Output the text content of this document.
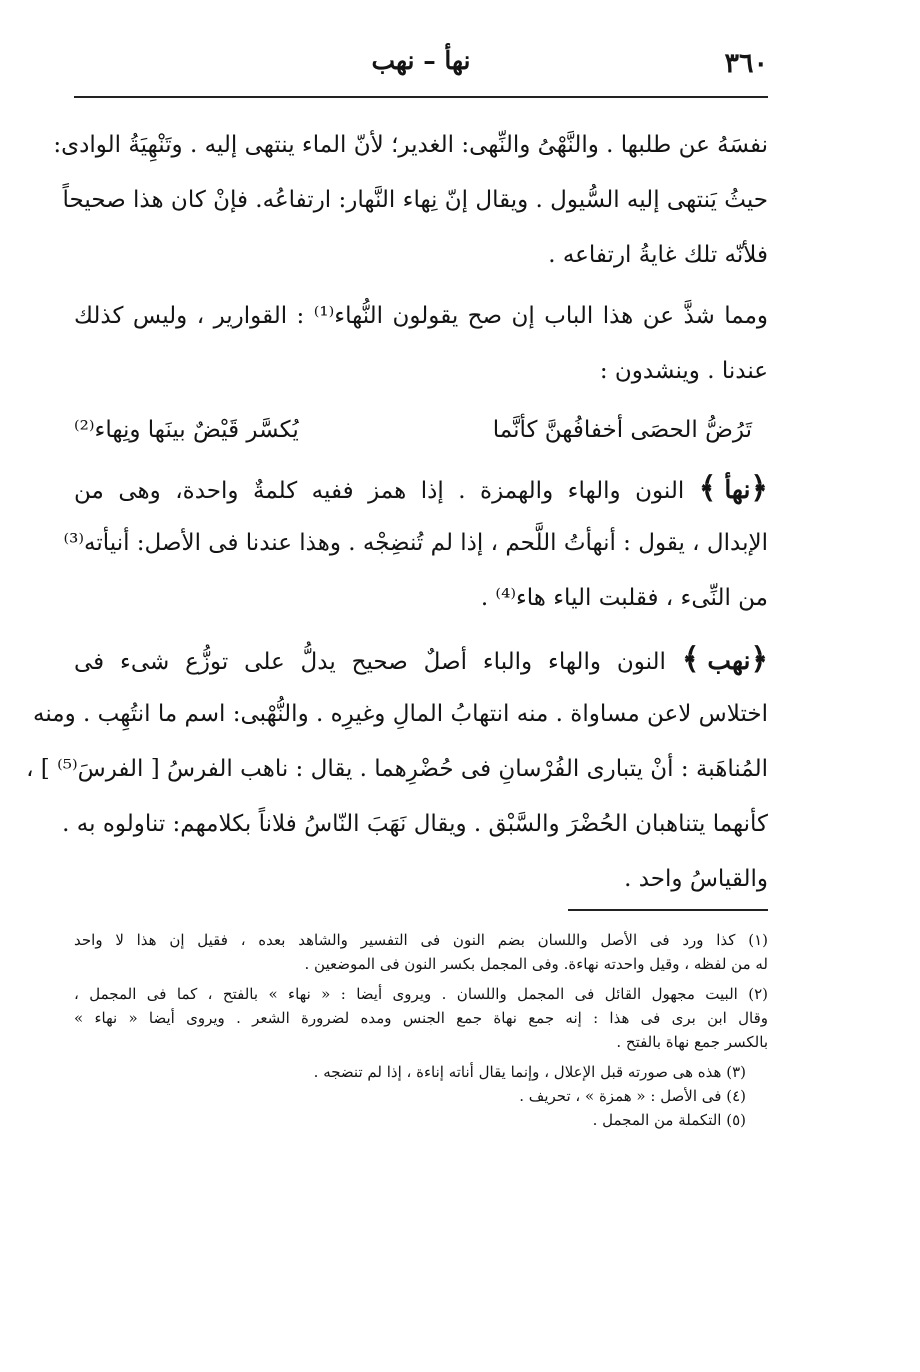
٣٦٠
نهأ – نهب
نفسَهُ عن طلبها . والنَّهْىُ والنِّهى: الغدير؛ لأنّ الماء ينتهى إليه . وتَنْهِيَةُ الوادى:
حيثُ يَنتهى إليه السُّيول . ويقال إنّ نِهاء النَّهار: ارتفاعُه. فإنْ كان هذا صحيحاً
فلأنّه تلك غايةُ ارتفاعه .
ومما شذَّ عن هذا الباب إن صح يقولون النُّهاء⁽¹⁾ : القوارير ، وليس كذلك
عندنا . وينشدون :
تَرُضُّ الحصَى أخفافُهنَّ كأنَّما
يُكسَّر قَيْضٌ بينَها ونِهاء⁽²⁾
﴿نهأ﴾ النون والهاء والهمزة . إذا همز ففيه كلمةٌ واحدة، وهى من
الإبدال ، يقول : أنهأتُ اللَّحم ، إذا لم تُنضِجْه . وهذا عندنا فى الأصل: أنيأته⁽³⁾
من النِّىء ، فقلبت الياء هاء⁽⁴⁾ .
﴿نهب﴾ النون والهاء والباء أصلٌ صحيح يدلُّ على توزُّع شىء فى
اختلاس لاعن مساواة . منه انتهابُ المالِ وغيرِه . والنُّهْبى: اسم ما انتُهِب . ومنه
المُناهَبة : أنْ يتبارى الفُرْسانِ فى حُضْرِهما . يقال : ناهب الفرسُ [ الفرسَ⁽⁵⁾ ] ،
كأنهما يتناهبان الحُضْرَ والسَّبْق . ويقال نَهَبَ النّاسُ فلاناً بكلامهم: تناولوه به .
والقياسُ واحد .
(١) كذا ورد فى الأصل واللسان بضم النون فى التفسير والشاهد بعده ، فقيل إن هذا لا واحد
له من لفظه ، وقيل واحدته نهاءة. وفى المجمل بكسر النون فى الموضعين .
(٢) البيت مجهول القائل فى المجمل واللسان . ويروى أيضا : « نهاء » بالفتح ، كما فى المجمل ،
وقال ابن برى فى هذا : إنه جمع نهاة جمع الجنس ومده لضرورة الشعر . ويروى أيضا « نهاء »
بالكسر جمع نهاة بالفتح .
(٣) هذه هى صورته قبل الإعلال ، وإنما يقال أناته إناءة ، إذا لم تنضجه .
(٤) فى الأصل : « همزة » ، تحريف .
(٥) التكملة من المجمل .
